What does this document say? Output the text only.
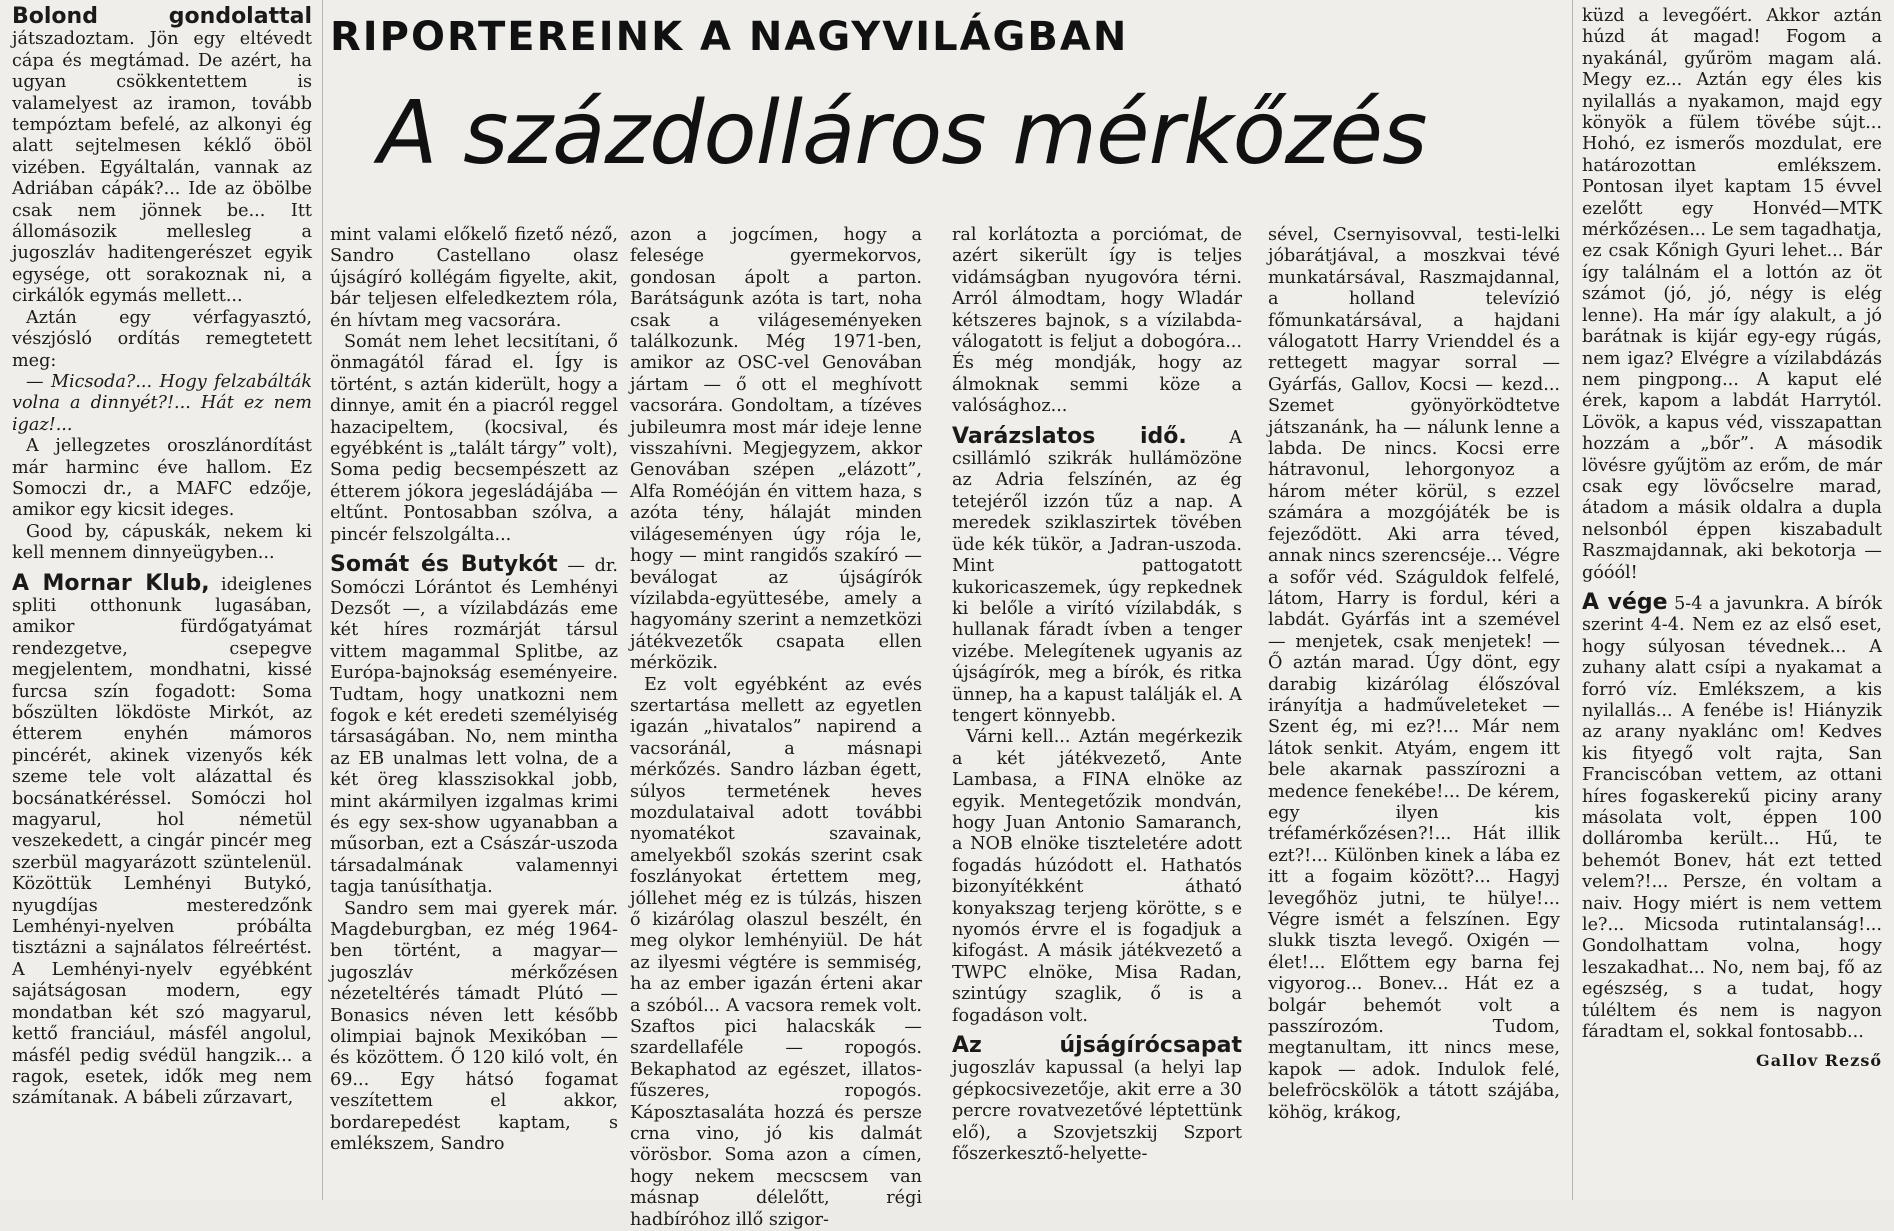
RIPORTEREINK A NAGYVILÁGBAN
A százdolláros mérkőzés

Bolond gondolattal játszadoztam. Jön egy eltévedt cápa és megtámad. De azért, ha ugyan csökkentettem is valamelyest az iramon, tovább tempóztam befelé, az alkonyi ég alatt sejtelmesen kéklő öböl vizében. Egyáltalán, vannak az Adriában cápák?... Ide az öbölbe csak nem jönnek be... Itt állomásozik mellesleg a jugoszláv haditengerészet egyik egysége, ott sorakoznak ni, a cirkálók egymás mellett...

Aztán egy vérfagyasztó, vészjósló ordítás remegtetett meg:

— Micsoda?... Hogy felzabálták volna a dinnyét?!... Hát ez nem igaz!...

A jellegzetes oroszlánordítást már harminc éve hallom. Ez Somoczi dr., a MAFC edzője, amikor egy kicsit ideges.

Good by, cápuskák, nekem ki kell mennem dinnyeügyben...

A Mornar Klub, ideiglenes spliti otthonunk lugasában, amikor fürdőgatyámat rendezgetve, csepegve megjelentem, mondhatni, kissé furcsa szín fogadott: Soma bőszülten lökdöste Mirkót, az étterem enyhén mámoros pincérét, akinek vizenyős kék szeme tele volt alázattal és bocsánatkéréssel. Somóczi hol magyarul, hol németül veszekedett, a cingár pincér meg szerbül magyarázott szüntelenül. Közöttük Lemhényi Butykó, nyugdíjas mesteredzőnk Lemhényi-nyelven próbálta tisztázni a sajnálatos félreértést. A Lemhényi-nyelv egyébként sajátságosan modern, egy mondatban két szó magyarul, kettő franciául, másfél angolul, másfél pedig svédül hangzik... a ragok, esetek, idők meg nem számítanak. A bábeli zűrzavart,

mint valami előkelő fizető néző, Sandro Castellano olasz újságíró kollégám figyelte, akit, bár teljesen elfeledkeztem róla, én hívtam meg vacsorára.

Somát nem lehet lecsitítani, ő önmagától fárad el. Így is történt, s aztán kiderült, hogy a dinnye, amit én a piacról reggel hazacipeltem, (kocsival, és egyébként is „talált tárgy” volt), Soma pedig becsempészett az étterem jókora jegesládájába — eltűnt. Pontosabban szólva, a pincér felszolgálta...

Somát és Butykót — dr. Somóczi Lórántot és Lemhényi Dezsőt —, a vízilabdázás eme két híres rozmárját társul vittem magammal Splitbe, az Európa-bajnokság eseményeire. Tudtam, hogy unatkozni nem fogok e két eredeti személyiség társaságában. No, nem mintha az EB unalmas lett volna, de a két öreg klasszisokkal jobb, mint akármilyen izgalmas krimi és egy sex-show ugyanabban a műsorban, ezt a Császár-uszoda társadalmának valamennyi tagja tanúsíthatja.

Sandro sem mai gyerek már. Magdeburgban, ez még 1964-ben történt, a magyar—jugoszláv mérkőzésen nézeteltérés támadt Plútó — Bonasics néven lett később olimpiai bajnok Mexikóban — és közöttem. Ő 120 kiló volt, én 69... Egy hátsó fogamat veszítettem el akkor, bordarepedést kaptam, s emlékszem, Sandro

azon a jogcímen, hogy a felesége gyermekorvos, gondosan ápolt a parton. Barátságunk azóta is tart, noha csak a világeseményeken találkozunk. Még 1971-ben, amikor az OSC-vel Genovában jártam — ő ott el meghívott vacsorára. Gondoltam, a tízéves jubileumra most már ideje lenne visszahívni. Megjegyzem, akkor Genovában szépen „elázott”, Alfa Roméóján én vittem haza, s azóta tény, hálaját minden világeseményen úgy rója le, hogy — mint rangidős szakíró — beválogat az újságírók vízilabda-együttesébe, amely a hagyomány szerint a nemzetközi játékvezetők csapata ellen mérközik.

Ez volt egyébként az evés szertartása mellett az egyetlen igazán „hivatalos” napirend a vacsoránál, a másnapi mérkőzés. Sandro lázban égett, súlyos termetének heves mozdulataival adott további nyomatékot szavainak, amelyekből szokás szerint csak foszlányokat értettem meg, jóllehet még ez is túlzás, hiszen ő kizárólag olaszul beszélt, én meg olykor lemhényiül. De hát az ilyesmi végtére is semmiség, ha az ember igazán érteni akar a szóból... A vacsora remek volt. Szaftos pici halacskák — szardellaféle — ropogós. Bekaphatod az egészet, illatos-fűszeres, ropogós. Káposztasaláta hozzá és persze crna vino, jó kis dalmát vörösbor. Soma azon a címen, hogy nekem mecscsem van másnap délelőtt, régi hadbíróhoz illő szigor-

ral korlátozta a porciómat, de azért sikerült így is teljes vidámságban nyugovóra térni. Arról álmodtam, hogy Wladár kétszeres bajnok, s a vízilabda-válogatott is feljut a dobogóra... És még mondják, hogy az álmoknak semmi köze a valósághoz...

Varázslatos idő. A csillámló szikrák hullámözöne az Adria felszínén, az ég tetejéről izzón tűz a nap. A meredek sziklaszirtek tövében üde kék tükör, a Jadran-uszoda. Mint pattogatott kukoricaszemek, úgy repkednek ki belőle a virító vízilabdák, s hullanak fáradt ívben a tenger vizébe. Melegítenek ugyanis az újságírók, meg a bírók, és ritka ünnep, ha a kapust találják el. A tengert könnyebb.

Várni kell... Aztán megérkezik a két játékvezető, Ante Lambasa, a FINA elnöke az egyik. Mentegetőzik mondván, hogy Juan Antonio Samaranch, a NOB elnöke tiszteletére adott fogadás húzódott el. Hathatós bizonyítékként átható konyakszag terjeng körötte, s e nyomós érvre el is fogadjuk a kifogást. A másik játékvezető a TWPC elnöke, Misa Radan, szintúgy szaglik, ő is a fogadáson volt.

Az újságírócsapat jugoszláv kapussal (a helyi lap gépkocsivezetője, akit erre a 30 percre rovatvezetővé léptettünk elő), a Szovjetszkij Szport főszerkesztő-helyette-

sével, Csernyisovval, testi-lelki jóbarátjával, a moszkvai tévé munkatársával, Raszmajdannal, a holland televízió főmunkatársával, a hajdani válogatott Harry Vrienddel és a rettegett magyar sorral — Gyárfás, Gallov, Kocsi — kezd... Szemet gyönyörködtetve játszanánk, ha — nálunk lenne a labda. De nincs. Kocsi erre hátravonul, lehorgonyoz a három méter körül, s ezzel számára a mozgójáték be is fejeződött. Aki arra téved, annak nincs szerencséje... Végre a sofőr véd. Száguldok felfelé, látom, Harry is fordul, kéri a labdát. Gyárfás int a szemével — menjetek, csak menjetek! — Ő aztán marad. Úgy dönt, egy darabig kizárólag élőszóval irányítja a hadműveleteket — Szent ég, mi ez?!... Már nem látok senkit. Atyám, engem itt bele akarnak passzírozni a medence fenekébe!... De kérem, egy ilyen kis tréfamérkőzésen?!... Hát illik ezt?!... Különben kinek a lába ez itt a fogaim között?... Hagyj levegőhöz jutni, te hülye!... Végre ismét a felszínen. Egy slukk tiszta levegő. Oxigén — élet!... Előttem egy barna fej vigyorog... Bonev... Hát ez a bolgár behemót volt a passzírozóm. Tudom, megtanultam, itt nincs mese, kapok — adok. Indulok felé, belefröcskölök a tátott szájába, köhög, krákog,

küzd a levegőért. Akkor aztán húzd át magad! Fogom a nyakánál, gyűröm magam alá. Megy ez... Aztán egy éles kis nyilallás a nyakamon, majd egy könyök a fülem tövébe sújt... Hohó, ez ismerős mozdulat, ere határozottan emlékszem. Pontosan ilyet kaptam 15 évvel ezelőtt egy Honvéd—MTK mérkőzésen... Le sem tagadhatja, ez csak Kőnigh Gyuri lehet... Bár így találnám el a lottón az öt számot (jó, jó, négy is elég lenne). Ha már így alakult, a jó barátnak is kijár egy-egy rúgás, nem igaz? Elvégre a vízilabdázás nem pingpong... A kaput elé érek, kapom a labdát Harrytól. Lövök, a kapus véd, visszapattan hozzám a „bőr”. A második lövésre gyűjtöm az erőm, de már csak egy lövőcselre marad, átadom a másik oldalra a dupla nelsonból éppen kiszabadult Raszmajdannak, aki bekotorja — góóól!

A vége 5-4 a javunkra. A bírók szerint 4-4. Nem ez az első eset, hogy súlyosan tévednek... A zuhany alatt csípi a nyakamat a forró víz. Emlékszem, a kis nyilallás... A fenébe is! Hiányzik az arany nyaklánc om! Kedves kis fityegő volt rajta, San Franciscóban vettem, az ottani híres fogaskerekű piciny arany másolata volt, éppen 100 dolláromba került... Hű, te behemót Bonev, hát ezt tetted velem?!... Persze, én voltam a naiv. Hogy miért is nem vettem le?... Micsoda rutintalanság!... Gondolhattam volna, hogy leszakadhat... No, nem baj, fő az egészség, s a tudat, hogy túléltem és nem is nagyon fáradtam el, sokkal fontosabb...

Gallov Rezső
